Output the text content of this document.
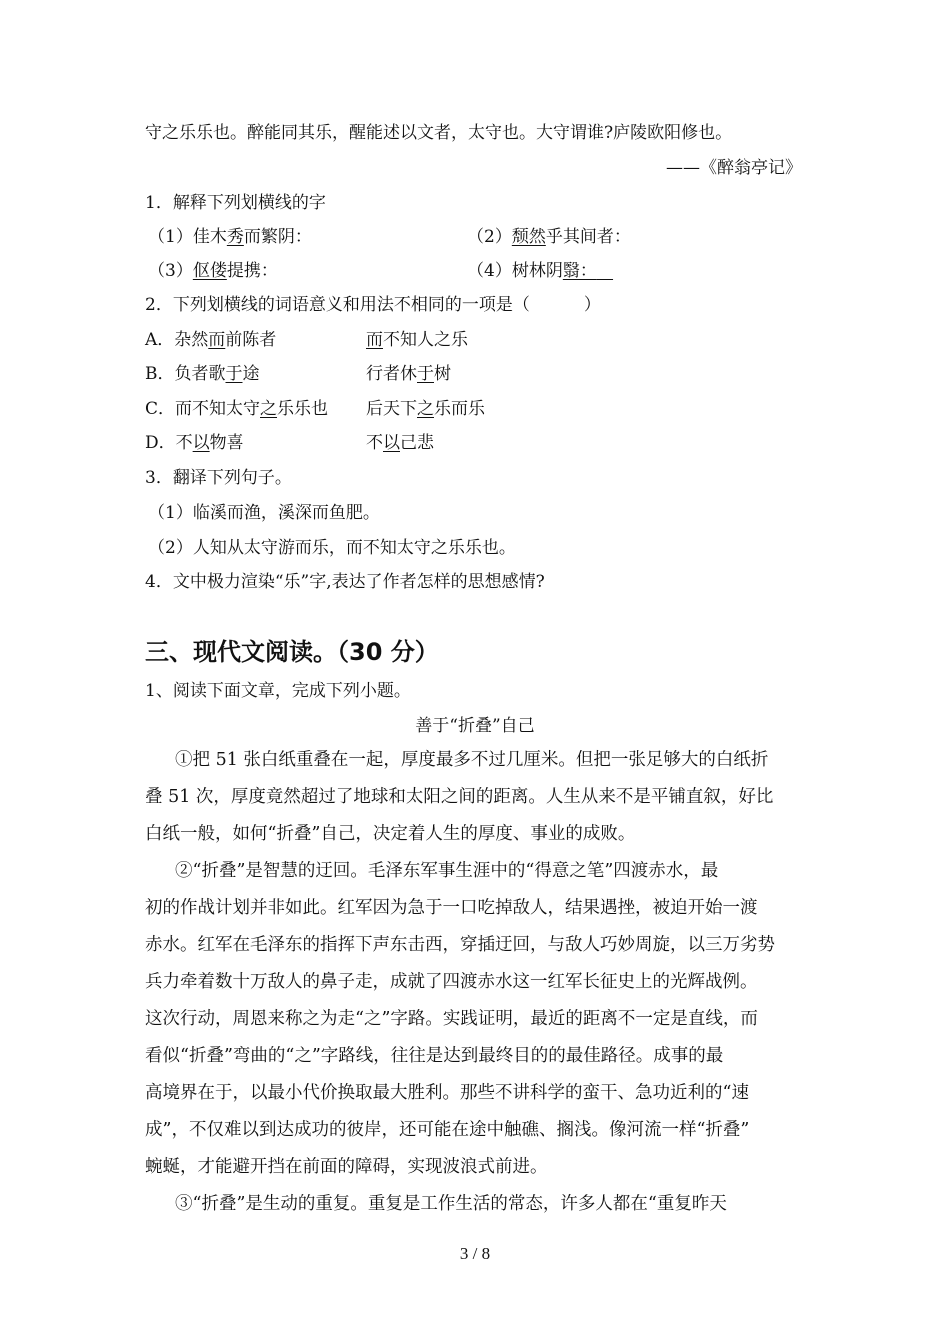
守之乐乐也。醉能同其乐，醒能述以文者，太守也。大守谓谁?庐陵欧阳修也。
——《醉翁亭记》
1．解释下列划横线的字
（1）佳木秀而繁阴：	（2）颓然乎其间者：
（3）伛偻提携：	（4）树林阴翳：
2．下列划横线的词语意义和用法不相同的一项是（          ）
A．杂然而前陈者	而不知人之乐
B．负者歌于途	行者休于树
C．而不知太守之乐乐也 后天下之乐而乐
D．不以物喜	不以己悲
3．翻译下列句子。
（1）临溪而渔，溪深而鱼肥。
（2）人知从太守游而乐，而不知太守之乐乐也。
4．文中极力渲染“乐”字,表达了作者怎样的思想感情?
三、现代文阅读。（30 分）
1、阅读下面文章，完成下列小题。
善于“折叠”自己
①把 51 张白纸重叠在一起，厚度最多不过几厘米。但把一张足够大的白纸折
叠 51 次，厚度竟然超过了地球和太阳之间的距离。人生从来不是平铺直叙，好比
白纸一般，如何“折叠”自己，决定着人生的厚度、事业的成败。
②“折叠”是智慧的迂回。毛泽东军事生涯中的“得意之笔”四渡赤水，最
初的作战计划并非如此。红军因为急于一口吃掉敌人，结果遇挫，被迫开始一渡
赤水。红军在毛泽东的指挥下声东击西，穿插迂回，与敌人巧妙周旋，以三万劣势
兵力牵着数十万敌人的鼻子走，成就了四渡赤水这一红军长征史上的光辉战例。
这次行动，周恩来称之为走“之”字路。实践证明，最近的距离不一定是直线，而
看似“折叠”弯曲的“之”字路线，往往是达到最终目的的最佳路径。成事的最
高境界在于，以最小代价换取最大胜利。那些不讲科学的蛮干、急功近利的“速
成”，不仅难以到达成功的彼岸，还可能在途中触礁、搁浅。像河流一样“折叠”
蜿蜒，才能避开挡在前面的障碍，实现波浪式前进。
③“折叠”是生动的重复。重复是工作生活的常态，许多人都在“重复昨天
3 / 8
